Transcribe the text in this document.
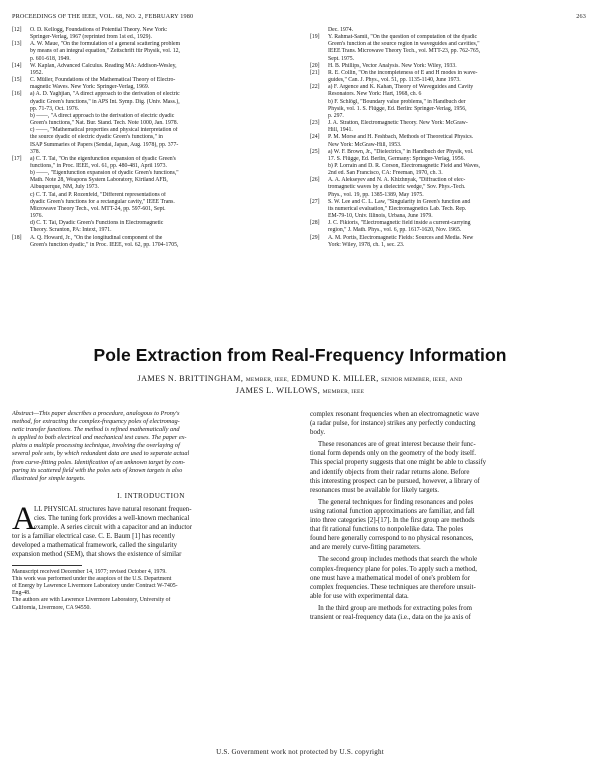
PROCEEDINGS OF THE IEEE, VOL. 68, NO. 2, FEBRUARY 1980	263
[12]	O. D. Kellogg, Foundations of Potential Theory. New York:
Springer-Verlag, 1967 (reprinted from 1st ed., 1929).
[13]	A. W. Maue, "On the formulation of a general scattering problem
by means of an integral equation," Zeitschrift für Physik, vol. 12,
p. 601-618, 1949.
[14]	W. Kaplan, Advanced Calculus. Reading MA: Addison-Wesley,
1952.
[15]	C. Müller, Foundations of the Mathematical Theory of Electro-
magnetic Waves. New York: Springer-Verlag, 1969.
[16]	a) A. D. Yaghjian, "A direct approach to the derivation of electric
dyadic Green's functions," in APS Int. Symp. Dig. (Univ. Mass.),
pp. 71-73, Oct. 1976.
b) ——, "A direct approach to the derivation of electric dyadic
Green's functions," Nat. Bur. Stand. Tech. Note 1000, Jan. 1978.
c) ——, "Mathematical properties and physical interpretation of
the source dyadic of electric dyadic Green's functions," in
ISAP Summaries of Papers (Sendai, Japan, Aug. 1978), pp. 377-
378.
[17]	a) C. T. Tai, "On the eigenfunction expansion of dyadic Green's
functions," in Proc. IEEE, vol. 61, pp. 480-481, April 1973.
b) ——, "Eigenfunction expansion of dyadic Green's functions,"
Math. Note 28, Weapons System Laboratory, Kirtland AFB,
Albuquerque, NM, July 1973.
c) C. T. Tai, and P. Rozenfeld, "Different representations of
dyadic Green's functions for a rectangular cavity," IEEE Trans.
Microwave Theory Tech., vol. MTT-24, pp. 597-601, Sept.
1976.
d) C. T. Tai, Dyadic Green's Functions in Electromagnetic
Theory. Scranton, PA: Intext, 1971.
[18]	A. Q. Howard, Jr., "On the longitudinal component of the
Green's function dyadic," in Proc. IEEE, vol. 62, pp. 1704-1705,
Dec. 1974.
[19]	Y. Rahmat-Samii, "On the question of computation of the dyadic
Green's function at the source region in waveguides and cavities,"
IEEE Trans. Microwave Theory Tech., vol. MTT-23, pp. 762-765,
Sept. 1975.
[20]	H. B. Phillips, Vector Analysis. New York: Wiley, 1933.
[21]	R. E. Collin, "On the incompleteness of E and H modes in wave-
guides," Can. J. Phys., vol. 51, pp. 1135-1140, June 1973.
[22]	a) F. Argence and K. Kahan, Theory of Waveguides and Cavity
Resonators. New York: Hart, 1968, ch. 6
b) F. Schlögl, "Boundary value problems," in Handbuch der
Physik, vol. 1. S. Flügge, Ed. Berlin: Springer-Verlag, 1956,
p. 297.
[23]	J. A. Stratton, Electromagnetic Theory. New York: McGraw-
Hill, 1941.
[24]	P. M. Morse and H. Feshbach, Methods of Theoretical Physics.
New York: McGraw-Hill, 1953.
[25]	a) W. F. Brown, Jr., "Dielectrics," in Handbuch der Physik, vol.
17. S. Flügge, Ed. Berlin, Germany: Springer-Verlag, 1956.
b) P. Lorrain and D. R. Corson, Electromagnetic Field and Waves,
2nd ed. San Francisco, CA: Freeman, 1970, ch. 3.
[26]	A. A. Alekseyev and N. A. Khizhnyak, "Diffraction of elec-
tromagnetic waves by a dielectric wedge," Sov. Phys.-Tech.
Phys., vol. 19, pp. 1385-1389, May 1975.
[27]	S. W. Lee and C. L. Law, "Singularity in Green's function and
its numerical evaluation," Electromagnetics Lab. Tech. Rep.
EM-79-10, Univ. Illinois, Urbana, June 1979.
[28]	J. C. Fikioris, "Electromagnetic field inside a current-carrying
region," J. Math. Phys., vol. 6, pp. 1617-1620, Nov. 1965.
[29]	A. M. Portis, Electromagnetic Fields: Sources and Media. New
York: Wiley, 1978, ch. 1, sec. 23.
Pole Extraction from Real-Frequency Information
JAMES N. BRITTINGHAM, MEMBER, IEEE, EDMUND K. MILLER, SENIOR MEMBER, IEEE, AND
JAMES L. WILLOWS, MEMBER, IEEE
Abstract—This paper describes a procedure, analogous to Prony's
method, for extracting the complex-frequency poles of electromag-
netic transfer functions. The method is refined mathematically and
is applied to both electrical and mechanical test cases. The paper ex-
plains a multiple processing technique, involving the overlaying of
several pole sets, by which redundant data are used to separate actual
from curve-fitting poles. Identification of an unknown target by com-
paring its scattered field with the poles sets of known targets is also
illustrated for simple targets.
I. INTRODUCTION
A
LL PHYSICAL structures have natural resonant frequen-
cies. The tuning fork provides a well-known mechanical
example. A series circuit with a capacitor and an inductor
tor is a familiar electrical case. C. E. Baum [1] has recently
developed a mathematical framework, called the singularity
expansion method (SEM), that shows the existence of similar
Manuscript received December 14, 1977; revised October 4, 1979.
This work was performed under the auspices of the U.S. Department
of Energy by Lawrence Livermore Laboratory under Contract W-7405-
Eng-48.
The authors are with Lawrence Livermore Laboratory, University of
California, Livermore, CA 94550.
complex resonant frequencies when an electromagnetic wave
(a radar pulse, for instance) strikes any perfectly conducting
body.
These resonances are of great interest because their func-
tional form depends only on the geometry of the body itself.
This special property suggests that one might be able to classify
and identify objects from their radar returns alone. Before
this interesting prospect can be pursued, however, a library of
resonances must be available for likely targets.
The general techniques for finding resonances and poles
using rational function approximations are familiar, and fall
into three categories [2]-[17]. In the first group are methods
that fit rational functions to nonpolelike data. The poles
found here generally correspond to no physical resonances,
and are merely curve-fitting parameters.
The second group includes methods that search the whole
complex-frequency plane for poles. To apply such a method,
one must have a mathematical model of one's problem for
complex frequencies. These techniques are therefore unsuit-
able for use with experimental data.
In the third group are methods for extracting poles from
transient or real-frequency data (i.e., data on the jω axis of
U.S. Government work not protected by U.S. copyright
